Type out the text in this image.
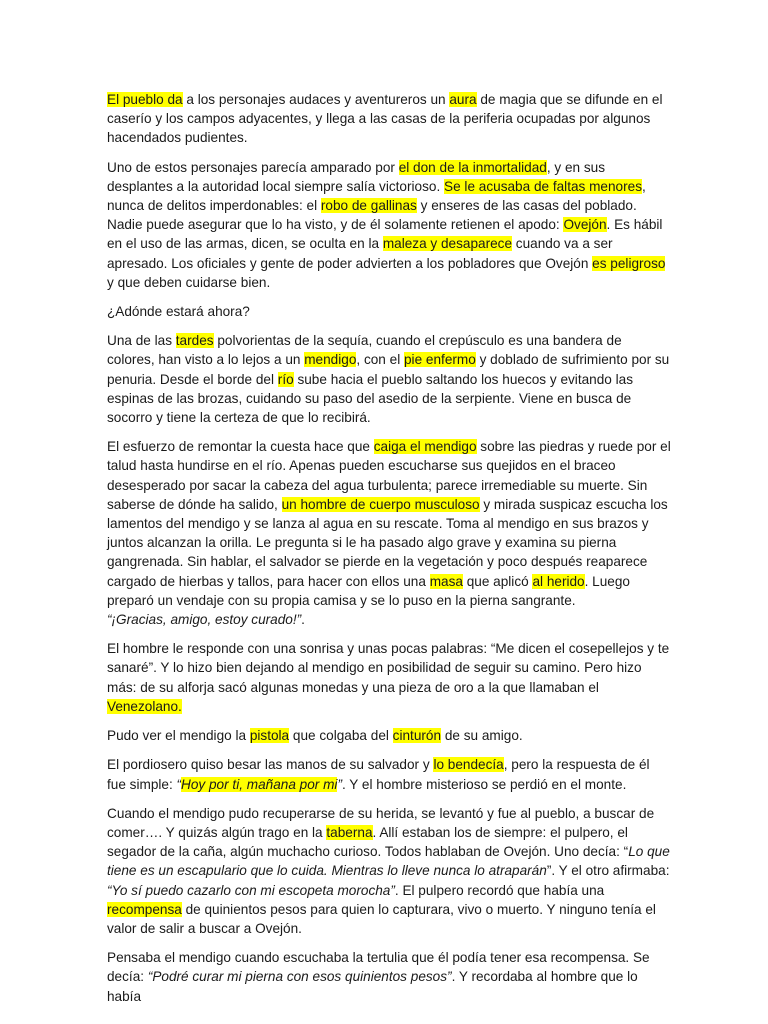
El pueblo da a los personajes audaces y aventureros un aura de magia que se difunde en el caserío y los campos adyacentes, y llega a las casas de la periferia ocupadas por algunos hacendados pudientes.

Uno de estos personajes parecía amparado por el don de la inmortalidad, y en sus desplantes a la autoridad local siempre salía victorioso. Se le acusaba de faltas menores, nunca de delitos imperdonables: el robo de gallinas y enseres de las casas del poblado. Nadie puede asegurar que lo ha visto, y de él solamente retienen el apodo: Ovejón. Es hábil en el uso de las armas, dicen, se oculta en la maleza y desaparece cuando va a ser apresado. Los oficiales y gente de poder advierten a los pobladores que Ovejón es peligroso y que deben cuidarse bien.

¿Adónde estará ahora?

Una de las tardes polvorientas de la sequía, cuando el crepúsculo es una bandera de colores, han visto a lo lejos a un mendigo, con el pie enfermo y doblado de sufrimiento por su penuria. Desde el borde del río sube hacia el pueblo saltando los huecos y evitando las espinas de las brozas, cuidando su paso del asedio de la serpiente. Viene en busca de socorro y tiene la certeza de que lo recibirá.

El esfuerzo de remontar la cuesta hace que caiga el mendigo sobre las piedras y ruede por el talud hasta hundirse en el río. Apenas pueden escucharse sus quejidos en el braceo desesperado por sacar la cabeza del agua turbulenta; parece irremediable su muerte. Sin saberse de dónde ha salido, un hombre de cuerpo musculoso y mirada suspicaz escucha los lamentos del mendigo y se lanza al agua en su rescate. Toma al mendigo en sus brazos y juntos alcanzan la orilla. Le pregunta si le ha pasado algo grave y examina su pierna gangrenada. Sin hablar, el salvador se pierde en la vegetación y poco después reaparece cargado de hierbas y tallos, para hacer con ellos una masa que aplicó al herido. Luego preparó un vendaje con su propia camisa y se lo puso en la pierna sangrante.
“¡Gracias, amigo, estoy curado!”.

El hombre le responde con una sonrisa y unas pocas palabras: “Me dicen el cosepellejos y te sanaré”. Y lo hizo bien dejando al mendigo en posibilidad de seguir su camino. Pero hizo más: de su alforja sacó algunas monedas y una pieza de oro a la que llamaban el Venezolano.

Pudo ver el mendigo la pistola que colgaba del cinturón de su amigo.

El pordiosero quiso besar las manos de su salvador y lo bendecía, pero la respuesta de él fue simple: “Hoy por ti, mañana por mi”. Y el hombre misterioso se perdió en el monte.

Cuando el mendigo pudo recuperarse de su herida, se levantó y fue al pueblo, a buscar de comer…. Y quizás algún trago en la taberna. Allí estaban los de siempre: el pulpero, el segador de la caña, algún muchacho curioso. Todos hablaban de Ovejón. Uno decía: “Lo que tiene es un escapulario que lo cuida. Mientras lo lleve nunca lo atraparán”. Y el otro afirmaba: “Yo sí puedo cazarlo con mi escopeta morocha”. El pulpero recordó que había una recompensa de quinientos pesos para quien lo capturara, vivo o muerto. Y ninguno tenía el valor de salir a buscar a Ovejón.

Pensaba el mendigo cuando escuchaba la tertulia que él podía tener esa recompensa. Se decía: “Podré curar mi pierna con esos quinientos pesos”. Y recordaba al hombre que lo había
